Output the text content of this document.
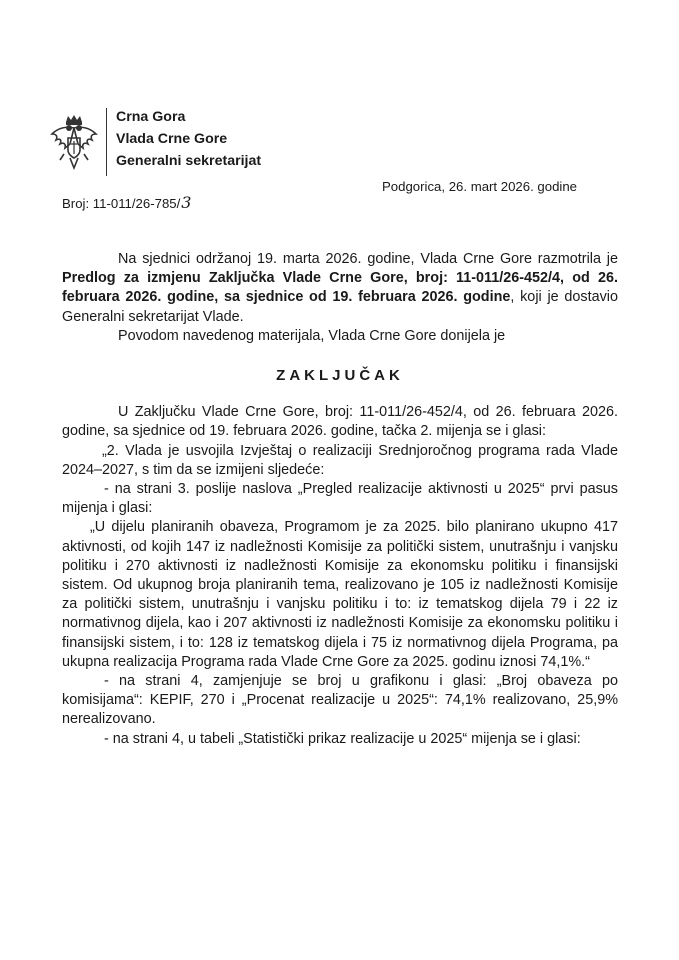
Crna Gora
Vlada Crne Gore
Generalni sekretarijat
Broj: 11-011/26-785/3
Podgorica, 26. mart 2026. godine

Na sjednici održanoj 19. marta 2026. godine, Vlada Crne Gore razmotrila je Predlog za izmjenu Zaključka Vlade Crne Gore, broj: 11-011/26-452/4, od 26. februara 2026. godine, sa sjednice od 19. februara 2026. godine, koji je dostavio Generalni sekretarijat Vlade.

Povodom navedenog materijala, Vlada Crne Gore donijela je

ZAKLJUČAK

U Zaključku Vlade Crne Gore, broj: 11-011/26-452/4, od 26. februara 2026. godine, sa sjednice od 19. februara 2026. godine, tačka 2. mijenja se i glasi:

„2. Vlada je usvojila Izvještaj o realizaciji Srednjoročnog programa rada Vlade 2024–2027, s tim da se izmijeni sljedeće:

- na strani 3. poslije naslova „Pregled realizacije aktivnosti u 2025“ prvi pasus mijenja i glasi:

„U dijelu planiranih obaveza, Programom je za 2025. bilo planirano ukupno 417 aktivnosti, od kojih 147 iz nadležnosti Komisije za politički sistem, unutrašnju i vanjsku politiku i 270 aktivnosti iz nadležnosti Komisije za ekonomsku politiku i finansijski sistem. Od ukupnog broja planiranih tema, realizovano je 105 iz nadležnosti Komisije za politički sistem, unutrašnju i vanjsku politiku i to: iz tematskog dijela 79 i 22 iz normativnog dijela, kao i 207 aktivnosti iz nadležnosti Komisije za ekonomsku politiku i finansijski sistem, i to: 128 iz tematskog dijela i 75 iz normativnog dijela Programa, pa ukupna realizacija Programa rada Vlade Crne Gore za 2025. godinu iznosi 74,1%.“

- na strani 4, zamjenjuje se broj u grafikonu i glasi: „Broj obaveza po komisijama“: KEPIF, 270 i „Procenat realizacije u 2025“: 74,1% realizovano, 25,9% nerealizovano.

- na strani 4, u tabeli „Statistički prikaz realizacije u 2025“ mijenja se i glasi:
